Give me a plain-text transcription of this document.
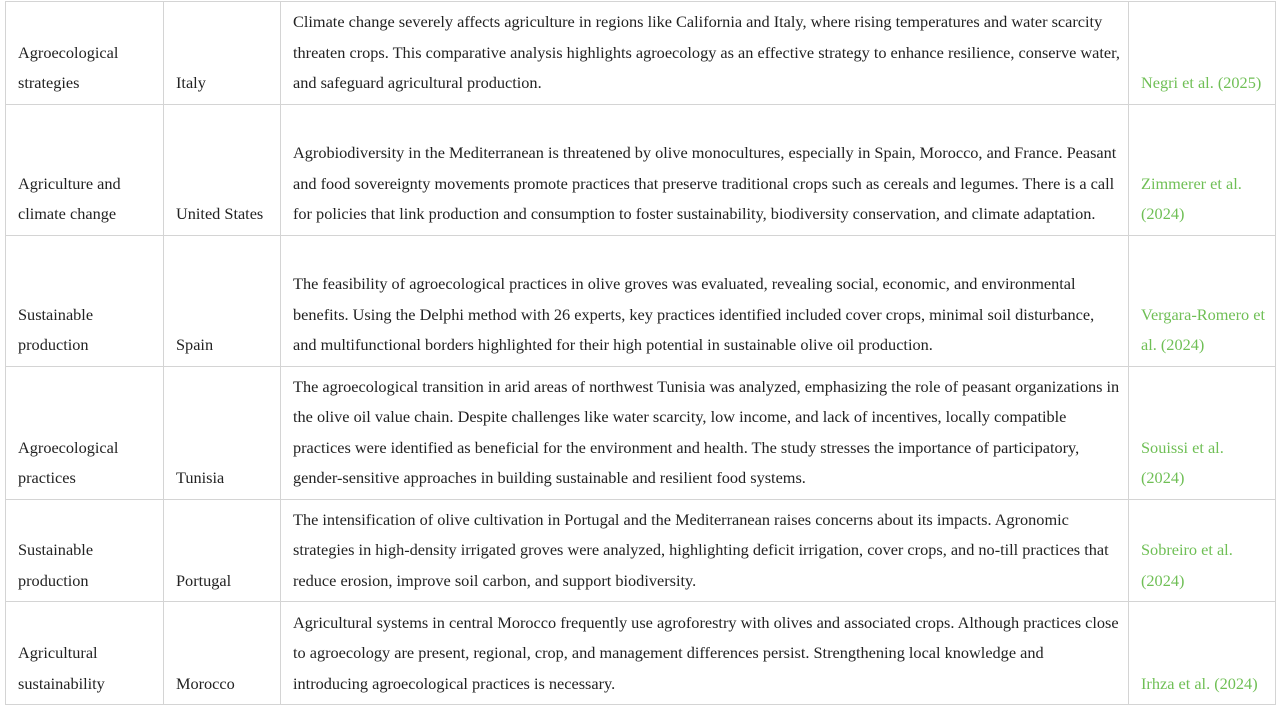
Agroecological strategies	Italy	Climate change severely affects agriculture in regions like California and Italy, where rising temperatures and water scarcity threaten crops. This comparative analysis highlights agroecology as an effective strategy to enhance resilience, conserve water, and safeguard agricultural production.	Negri et al. (2025)
Agriculture and climate change	United States	Agrobiodiversity in the Mediterranean is threatened by olive monocultures, especially in Spain, Morocco, and France. Peasant and food sovereignty movements promote practices that preserve traditional crops such as cereals and legumes. There is a call for policies that link production and consumption to foster sustainability, biodiversity conservation, and climate adaptation.	Zimmerer et al. (2024)
Sustainable production	Spain	The feasibility of agroecological practices in olive groves was evaluated, revealing social, economic, and environmental benefits. Using the Delphi method with 26 experts, key practices identified included cover crops, minimal soil disturbance, and multifunctional borders highlighted for their high potential in sustainable olive oil production.	Vergara-Romero et al. (2024)
Agroecological practices	Tunisia	The agroecological transition in arid areas of northwest Tunisia was analyzed, emphasizing the role of peasant organizations in the olive oil value chain. Despite challenges like water scarcity, low income, and lack of incentives, locally compatible practices were identified as beneficial for the environment and health. The study stresses the importance of participatory, gender-sensitive approaches in building sustainable and resilient food systems.	Souissi et al. (2024)
Sustainable production	Portugal	The intensification of olive cultivation in Portugal and the Mediterranean raises concerns about its impacts. Agronomic strategies in high-density irrigated groves were analyzed, highlighting deficit irrigation, cover crops, and no-till practices that reduce erosion, improve soil carbon, and support biodiversity.	Sobreiro et al. (2024)
Agricultural sustainability	Morocco	Agricultural systems in central Morocco frequently use agroforestry with olives and associated crops. Although practices close to agroecology are present, regional, crop, and management differences persist. Strengthening local knowledge and introducing agroecological practices is necessary.	Irhza et al. (2024)
